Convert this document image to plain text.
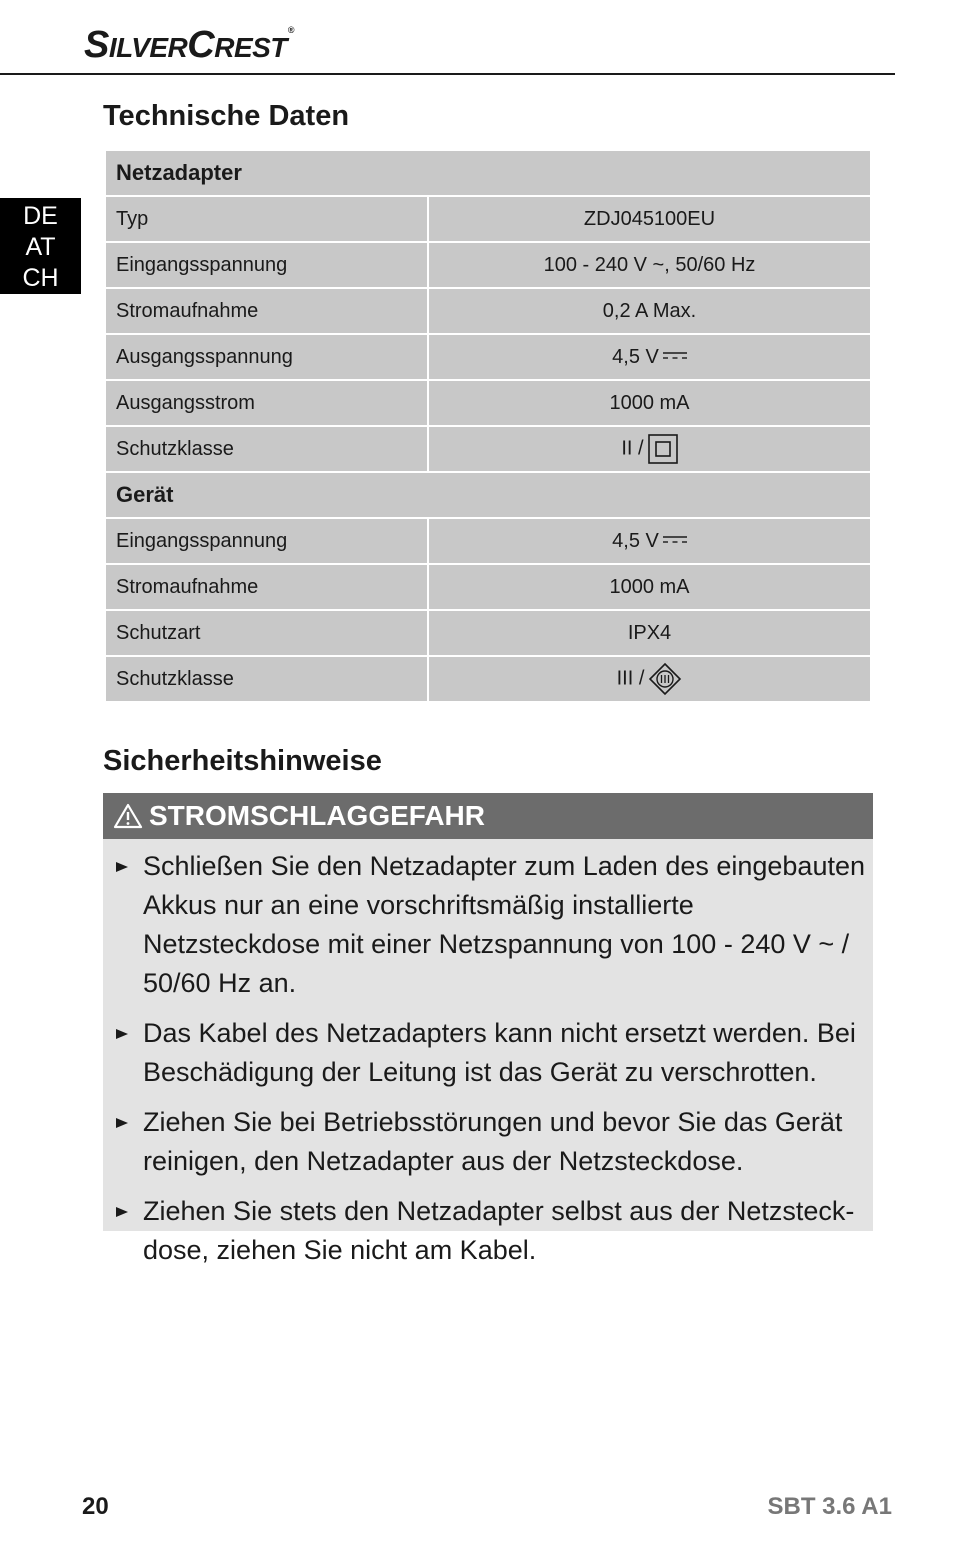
SILVERCREST®
DE
AT
CH
Technische Daten
Netzadapter	
Typ	ZDJ045100EU
Eingangsspannung	100 - 240 V ~, 50/60 Hz
Stromaufnahme	0,2 A Max.
Ausgangsspannung	4,5 V
Ausgangsstrom	1000 mA
Schutzklasse	II /
Gerät	
Eingangsspannung	4,5 V
Stromaufnahme	1000 mA
Schutzart	IPX4
Schutzklasse	III /
Sicherheitshinweise
STROMSCHLAGGEFAHR
Schließen Sie den Netzadapter zum Laden des eingebauten Akkus nur an eine vorschriftsmäßig installierte Netzsteckdose mit einer Netzspannung von 100 - 240 V ~ / 50/60 Hz an.
Das Kabel des Netzadapters kann nicht ersetzt werden. Bei Beschädigung der Leitung ist das Gerät zu verschrotten.
Ziehen Sie bei Betriebsstörungen und bevor Sie das Gerät reinigen, den Netzadapter aus der Netzsteckdose.
Ziehen Sie stets den Netzadapter selbst aus der Netzsteck-dose, ziehen Sie nicht am Kabel.
20	SBT 3.6 A1
